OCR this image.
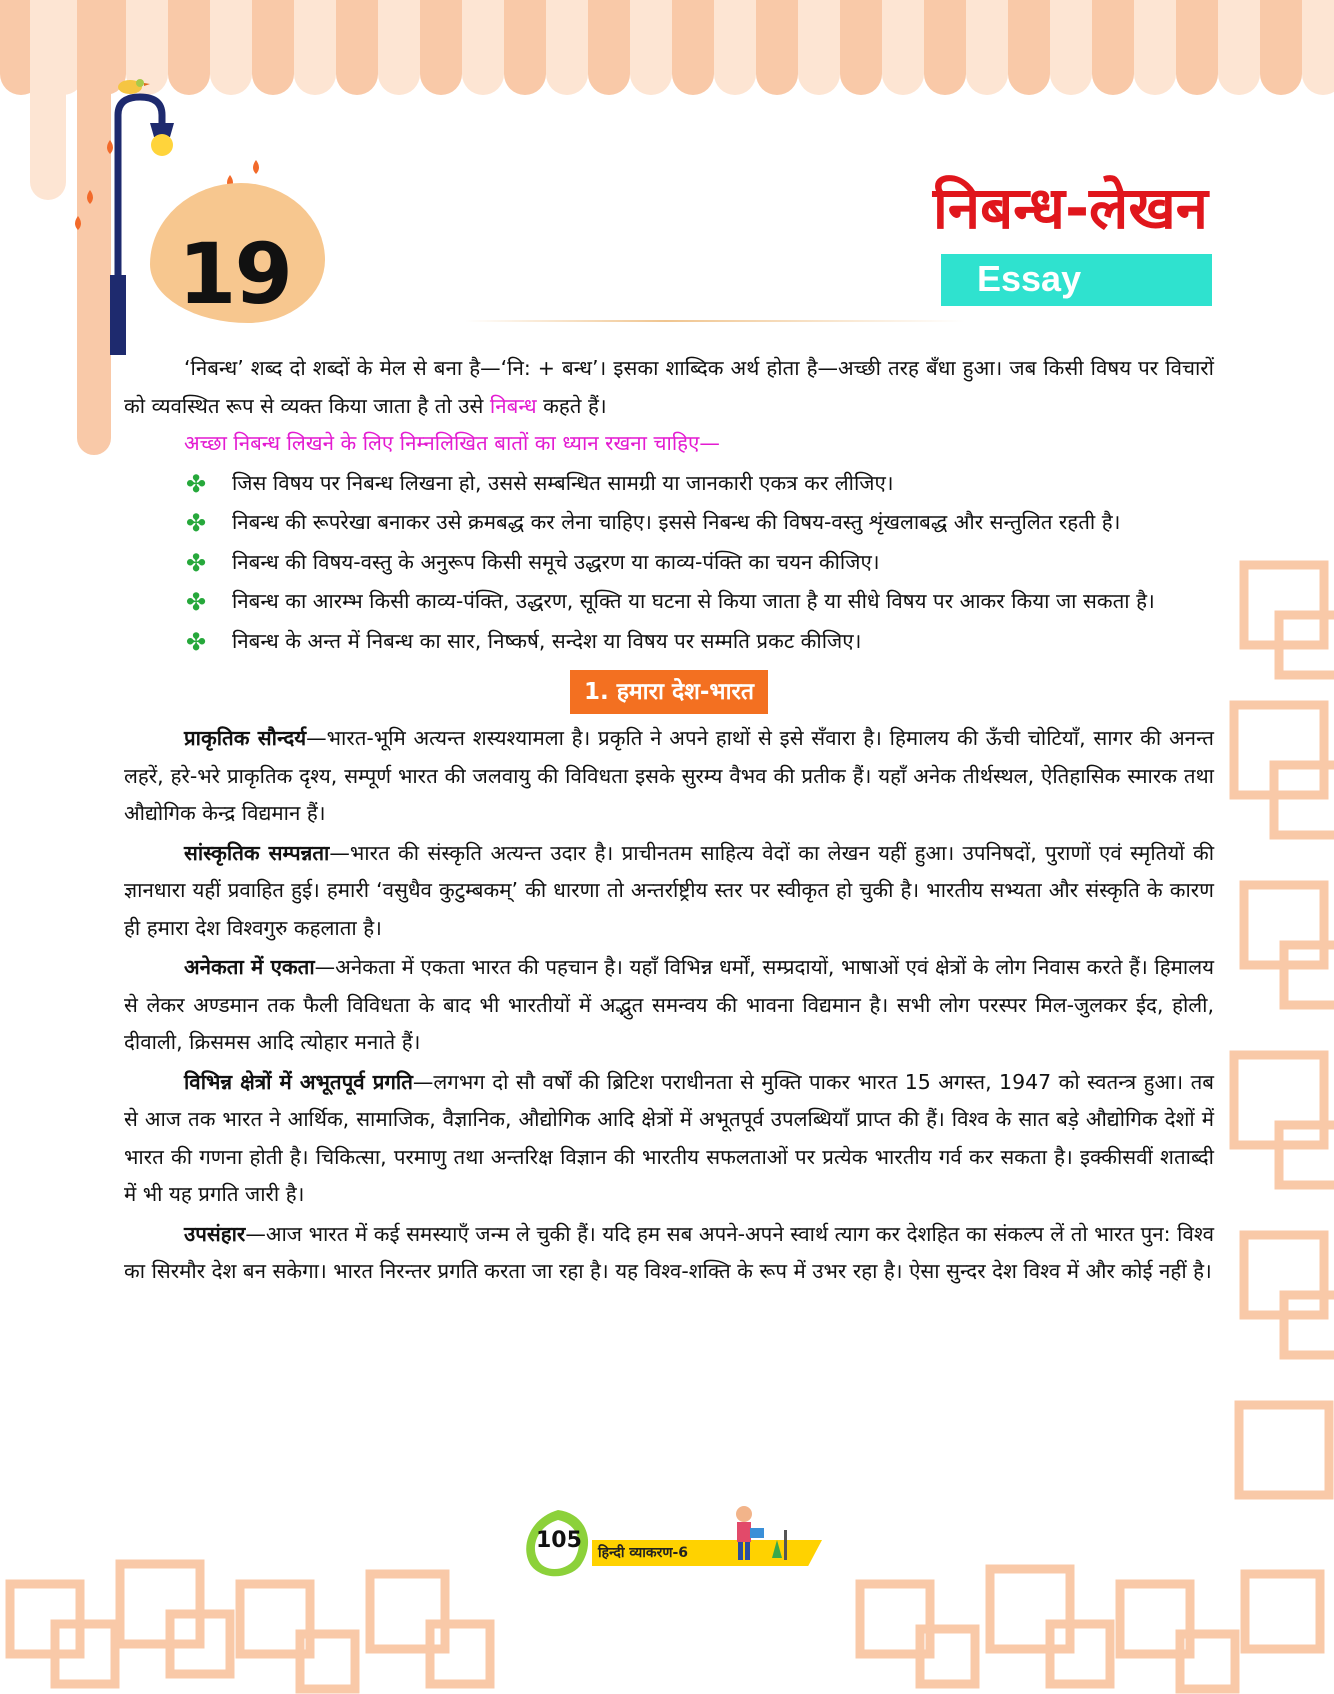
19
निबन्ध-लेखन
Essay Writing

‘निबन्ध’ शब्द दो शब्दों के मेल से बना है—‘नि: + बन्ध’। इसका शाब्दिक अर्थ होता है—अच्छी तरह बँधा हुआ। जब किसी विषय पर विचारों को व्यवस्थित रूप से व्यक्त किया जाता है तो उसे निबन्ध कहते हैं।

अच्छा निबन्ध लिखने के लिए निम्नलिखित बातों का ध्यान रखना चाहिए—

✤ जिस विषय पर निबन्ध लिखना हो, उससे सम्बन्धित सामग्री या जानकारी एकत्र कर लीजिए।
✤ निबन्ध की रूपरेखा बनाकर उसे क्रमबद्ध कर लेना चाहिए। इससे निबन्ध की विषय-वस्तु शृंखलाबद्ध और सन्तुलित रहती है।
✤ निबन्ध की विषय-वस्तु के अनुरूप किसी समूचे उद्धरण या काव्य-पंक्ति का चयन कीजिए।
✤ निबन्ध का आरम्भ किसी काव्य-पंक्ति, उद्धरण, सूक्ति या घटना से किया जाता है या सीधे विषय पर आकर किया जा सकता है।
✤ निबन्ध के अन्त में निबन्ध का सार, निष्कर्ष, सन्देश या विषय पर सम्मति प्रकट कीजिए।
1. हमारा देश-भारत

प्राकृतिक सौन्दर्य—भारत-भूमि अत्यन्त शस्यश्यामला है। प्रकृति ने अपने हाथों से इसे सँवारा है। हिमालय की ऊँची चोटियाँ, सागर की अनन्त लहरें, हरे-भरे प्राकृतिक दृश्य, सम्पूर्ण भारत की जलवायु की विविधता इसके सुरम्य वैभव की प्रतीक हैं। यहाँ अनेक तीर्थस्थल, ऐतिहासिक स्मारक तथा औद्योगिक केन्द्र विद्यमान हैं।

सांस्कृतिक सम्पन्नता—भारत की संस्कृति अत्यन्त उदार है। प्राचीनतम साहित्य वेदों का लेखन यहीं हुआ। उपनिषदों, पुराणों एवं स्मृतियों की ज्ञानधारा यहीं प्रवाहित हुई। हमारी ‘वसुधैव कुटुम्बकम्’ की धारणा तो अन्तर्राष्ट्रीय स्तर पर स्वीकृत हो चुकी है। भारतीय सभ्यता और संस्कृति के कारण ही हमारा देश विश्वगुरु कहलाता है।

अनेकता में एकता—अनेकता में एकता भारत की पहचान है। यहाँ विभिन्न धर्मों, सम्प्रदायों, भाषाओं एवं क्षेत्रों के लोग निवास करते हैं। हिमालय से लेकर अण्डमान तक फैली विविधता के बाद भी भारतीयों में अद्भुत समन्वय की भावना विद्यमान है। सभी लोग परस्पर मिल-जुलकर ईद, होली, दीवाली, क्रिसमस आदि त्योहार मनाते हैं।

विभिन्न क्षेत्रों में अभूतपूर्व प्रगति—लगभग दो सौ वर्षों की ब्रिटिश पराधीनता से मुक्ति पाकर भारत 15 अगस्त, 1947 को स्वतन्त्र हुआ। तब से आज तक भारत ने आर्थिक, सामाजिक, वैज्ञानिक, औद्योगिक आदि क्षेत्रों में अभूतपूर्व उपलब्धियाँ प्राप्त की हैं। विश्व के सात बड़े औद्योगिक देशों में भारत की गणना होती है। चिकित्सा, परमाणु तथा अन्तरिक्ष विज्ञान की भारतीय सफलताओं पर प्रत्येक भारतीय गर्व कर सकता है। इक्कीसवीं शताब्दी में भी यह प्रगति जारी है।

उपसंहार—आज भारत में कई समस्याएँ जन्म ले चुकी हैं। यदि हम सब अपने-अपने स्वार्थ त्याग कर देशहित का संकल्प लें तो भारत पुन: विश्व का सिरमौर देश बन सकेगा। भारत निरन्तर प्रगति करता जा रहा है। यह विश्व-शक्ति के रूप में उभर रहा है। ऐसा सुन्दर देश विश्व में और कोई नहीं है।

105 हिन्दी व्याकरण-6
